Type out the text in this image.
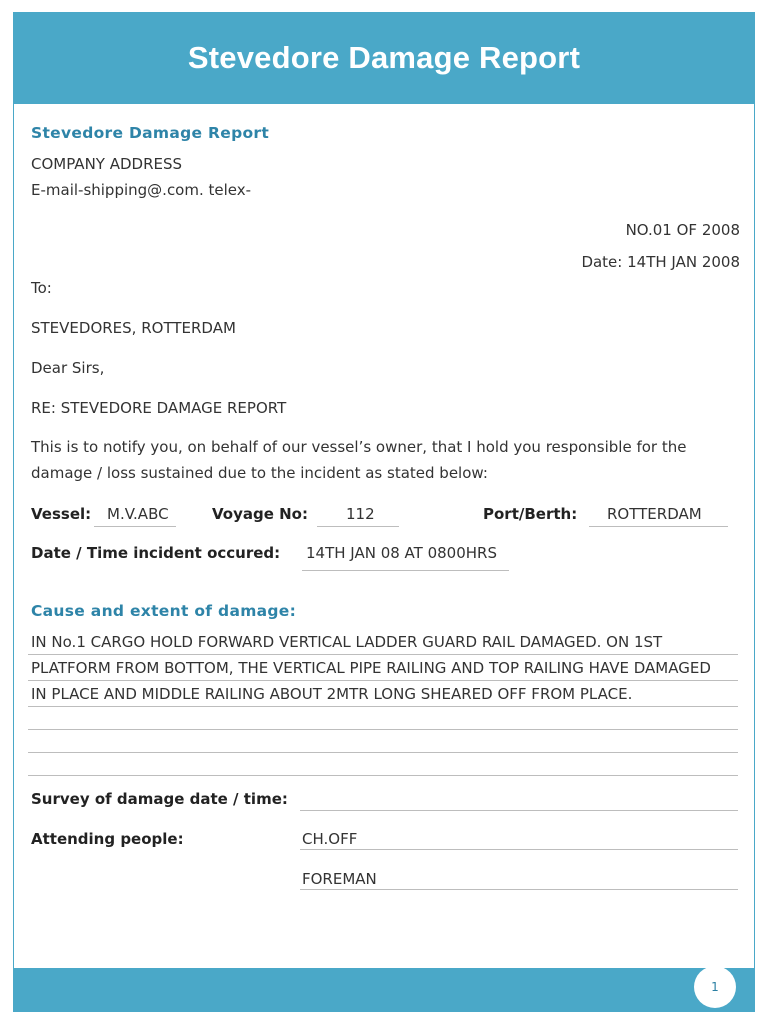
Stevedore Damage Report
Stevedore Damage Report
COMPANY ADDRESS
E-mail-shipping@.com. telex-
NO.01 OF 2008
Date: 14TH JAN 2008
To:
STEVEDORES, ROTTERDAM
Dear Sirs,
RE: STEVEDORE DAMAGE REPORT
This is to notify you, on behalf of our vessel’s owner, that I hold you responsible for the
damage / loss sustained due to the incident as stated below:
Vessel: M.V.ABC	Voyage No:	112	Port/Berth: ROTTERDAM
Date / Time incident occured: 14TH JAN 08 AT 0800HRS
Cause and extent of damage:
IN No.1 CARGO HOLD FORWARD VERTICAL LADDER GUARD RAIL DAMAGED. ON 1ST
PLATFORM FROM BOTTOM, THE VERTICAL PIPE RAILING AND TOP RAILING HAVE DAMAGED
IN PLACE AND MIDDLE RAILING ABOUT 2MTR LONG SHEARED OFF FROM PLACE.
Survey of damage date / time:
Attending people:	CH.OFF
FOREMAN
1
